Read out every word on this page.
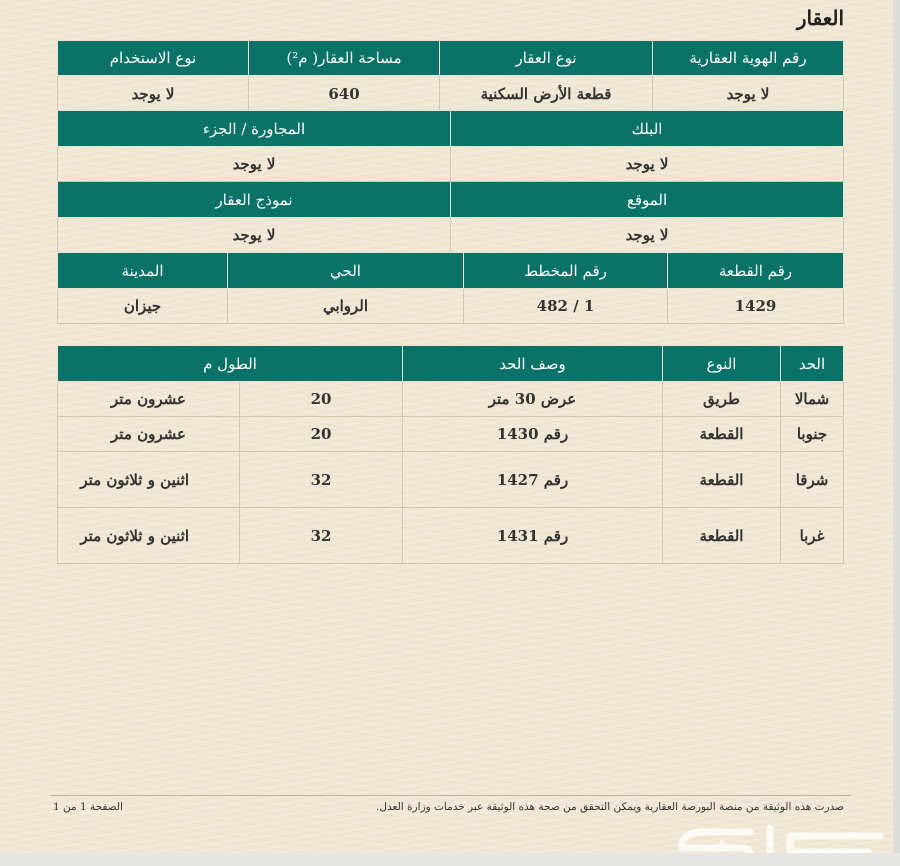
العقار
رقم الهوية العقارية	نوع العقار	مساحة العقار( م²)	نوع الاستخدام
لا يوجد	قطعة الأرض السكنية	640	لا يوجد
البلك	المجاورة / الجزء
لا يوجد	لا يوجد
الموقع	نموذج العقار
لا يوجد	لا يوجد
رقم القطعة	رقم المخطط	الحي	المدينة
1429	1 / 482	الروابي	جيزان
الحد	النوع	وصف الحد	الطول م	
شمالا	طريق	عرض 30 متر	20	عشرون متر
جنوبا	القطعة	رقم 1430	20	عشرون متر
شرقا	القطعة	رقم 1427	32	اثنين و ثلاثون متر
غربا	القطعة	رقم 1431	32	اثنين و ثلاثون متر
صدرت هذه الوثيقة من منصة البورصة العقارية ويمكن التحقق من صحة هذه الوثيقة عبر خدمات وزارة العدل.
الصفحة 1 من 1
